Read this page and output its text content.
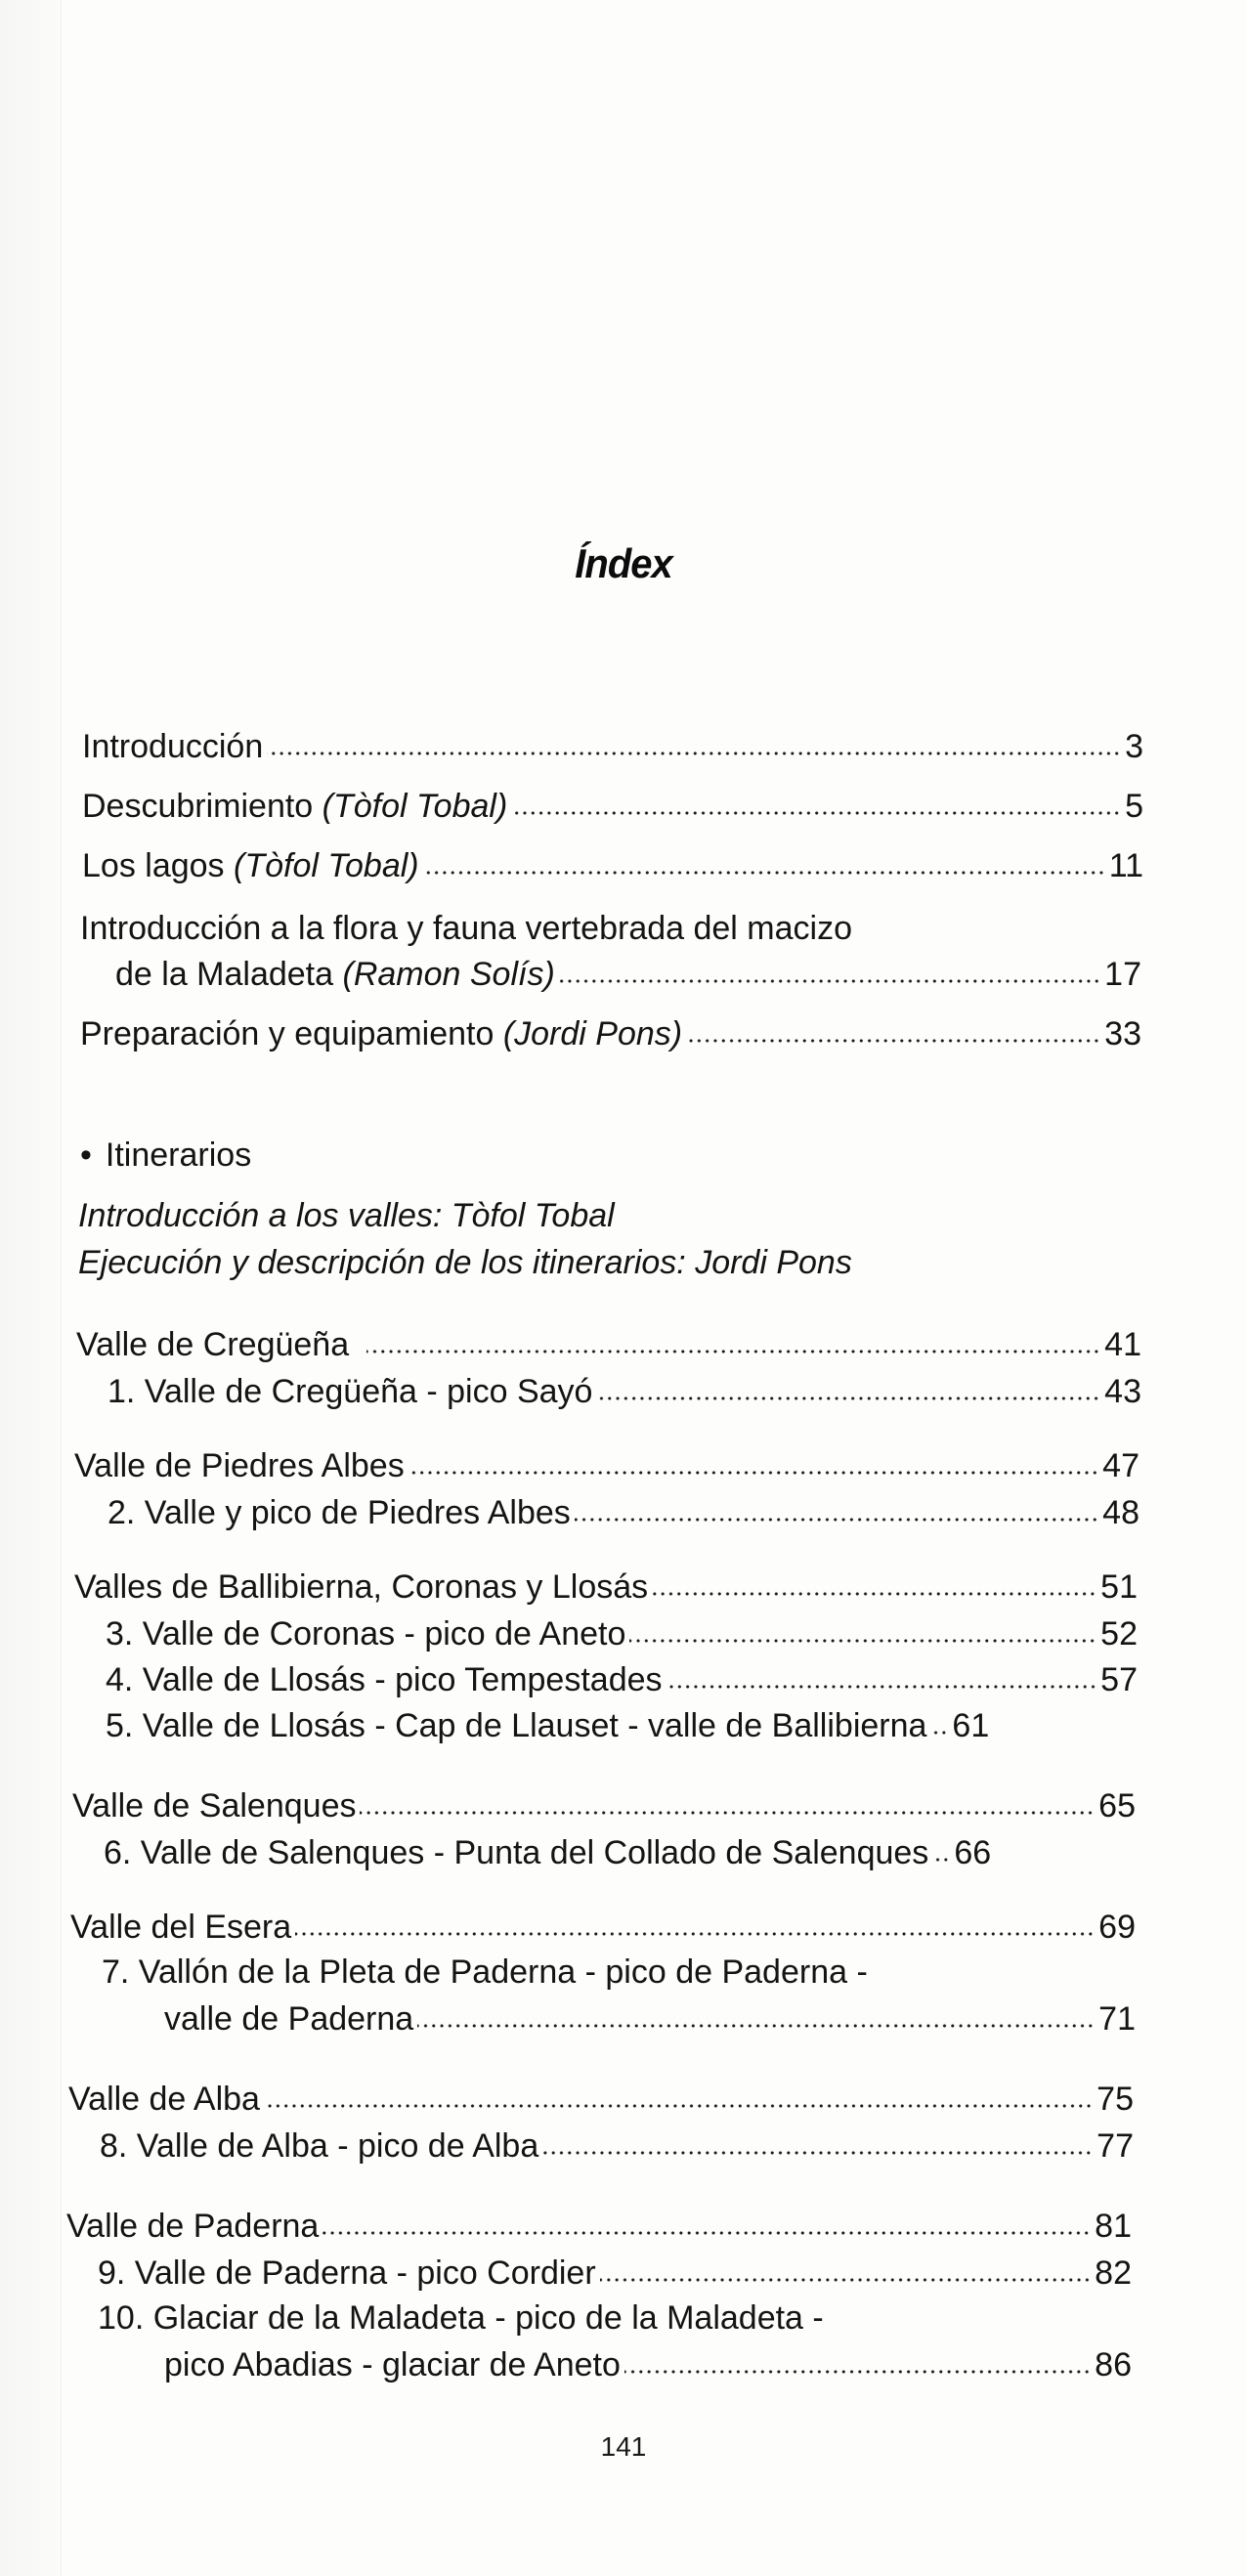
Índex
Introducción	3
Descubrimiento (Tòfol Tobal)	5
Los lagos (Tòfol Tobal)	11
Introducción a la flora y fauna vertebrada del macizo
de la Maladeta (Ramon Solís)	17
Preparación y equipamiento (Jordi Pons)	33
• Itinerarios
Introducción a los valles: Tòfol Tobal
Ejecución y descripción de los itinerarios: Jordi Pons
Valle de Cregüeña	41
1. Valle de Cregüeña - pico Sayó	43
Valle de Piedres Albes	47
2. Valle y pico de Piedres Albes	48
Valles de Ballibierna, Coronas y Llosás	51
3. Valle de Coronas - pico de Aneto	52
4. Valle de Llosás - pico Tempestades	57
5. Valle de Llosás - Cap de Llauset - valle de Ballibierna 61
Valle de Salenques	65
6. Valle de Salenques - Punta del Collado de Salenques 66
Valle del Esera	69
7. Vallón de la Pleta de Paderna - pico de Paderna -
valle de Paderna	71
Valle de Alba	75
8. Valle de Alba - pico de Alba	77
Valle de Paderna	81
9. Valle de Paderna - pico Cordier	82
10. Glaciar de la Maladeta - pico de la Maladeta -
pico Abadias - glaciar de Aneto	86
141
